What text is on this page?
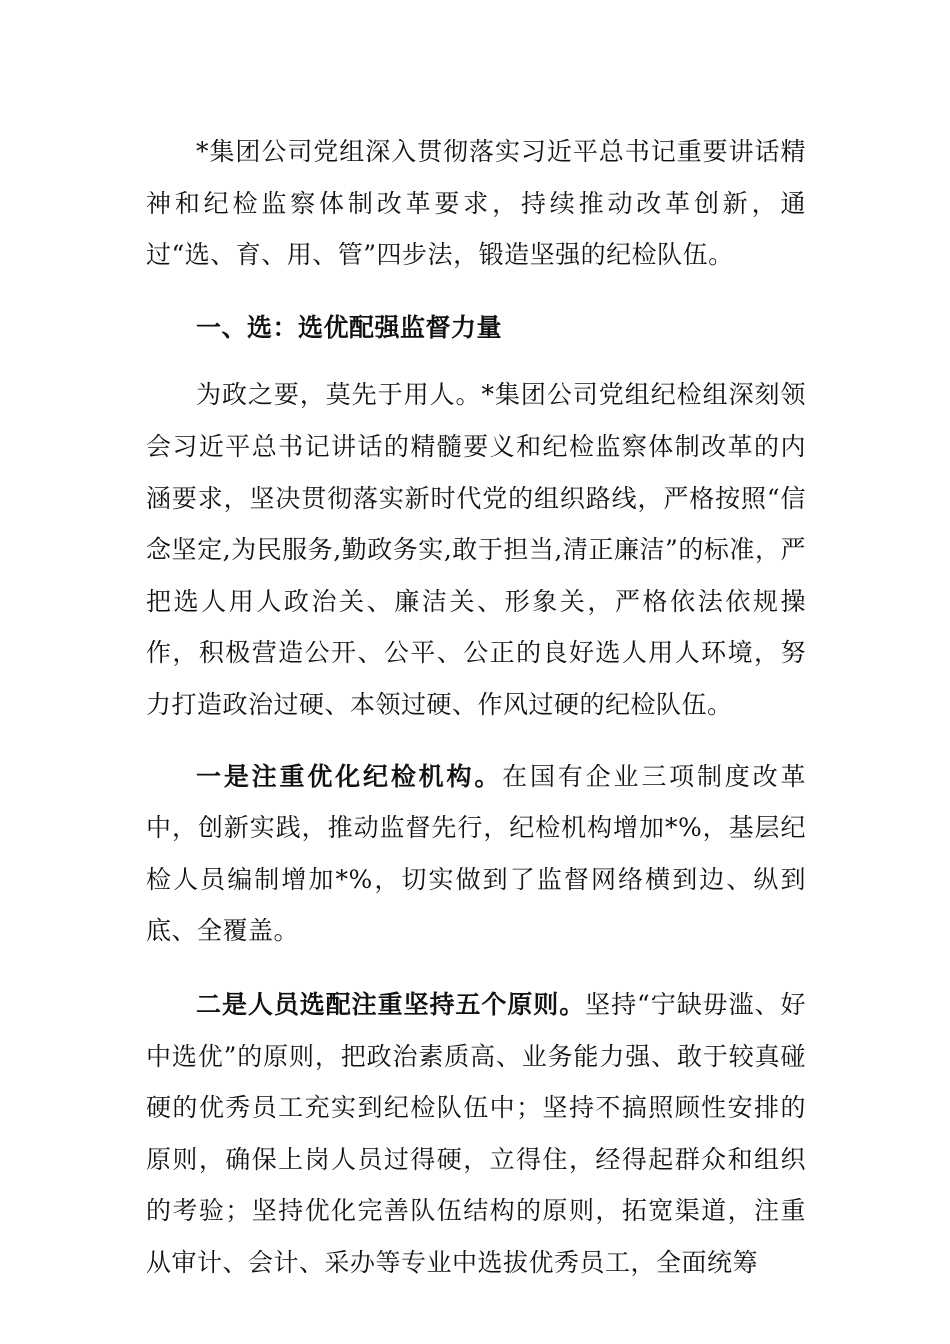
*集团公司党组深入贯彻落实习近平总书记重要讲话精神和纪检监察体制改革要求，持续推动改革创新，通过“选、育、用、管”四步法，锻造坚强的纪检队伍。

一、选：选优配强监督力量

为政之要，莫先于用人。*集团公司党组纪检组深刻领会习近平总书记讲话的精髓要义和纪检监察体制改革的内涵要求，坚决贯彻落实新时代党的组织路线，严格按照“信念坚定,为民服务,勤政务实,敢于担当,清正廉洁”的标准，严把选人用人政治关、廉洁关、形象关，严格依法依规操作，积极营造公开、公平、公正的良好选人用人环境，努力打造政治过硬、本领过硬、作风过硬的纪检队伍。

一是注重优化纪检机构。在国有企业三项制度改革中，创新实践，推动监督先行，纪检机构增加*%，基层纪检人员编制增加*%，切实做到了监督网络横到边、纵到底、全覆盖。

二是人员选配注重坚持五个原则。坚持“宁缺毋滥、好中选优”的原则，把政治素质高、业务能力强、敢于较真碰硬的优秀员工充实到纪检队伍中；坚持不搞照顾性安排的原则，确保上岗人员过得硬，立得住，经得起群众和组织的考验；坚持优化完善队伍结构的原则，拓宽渠道，注重从审计、会计、采办等专业中选拔优秀员工，全面统筹
